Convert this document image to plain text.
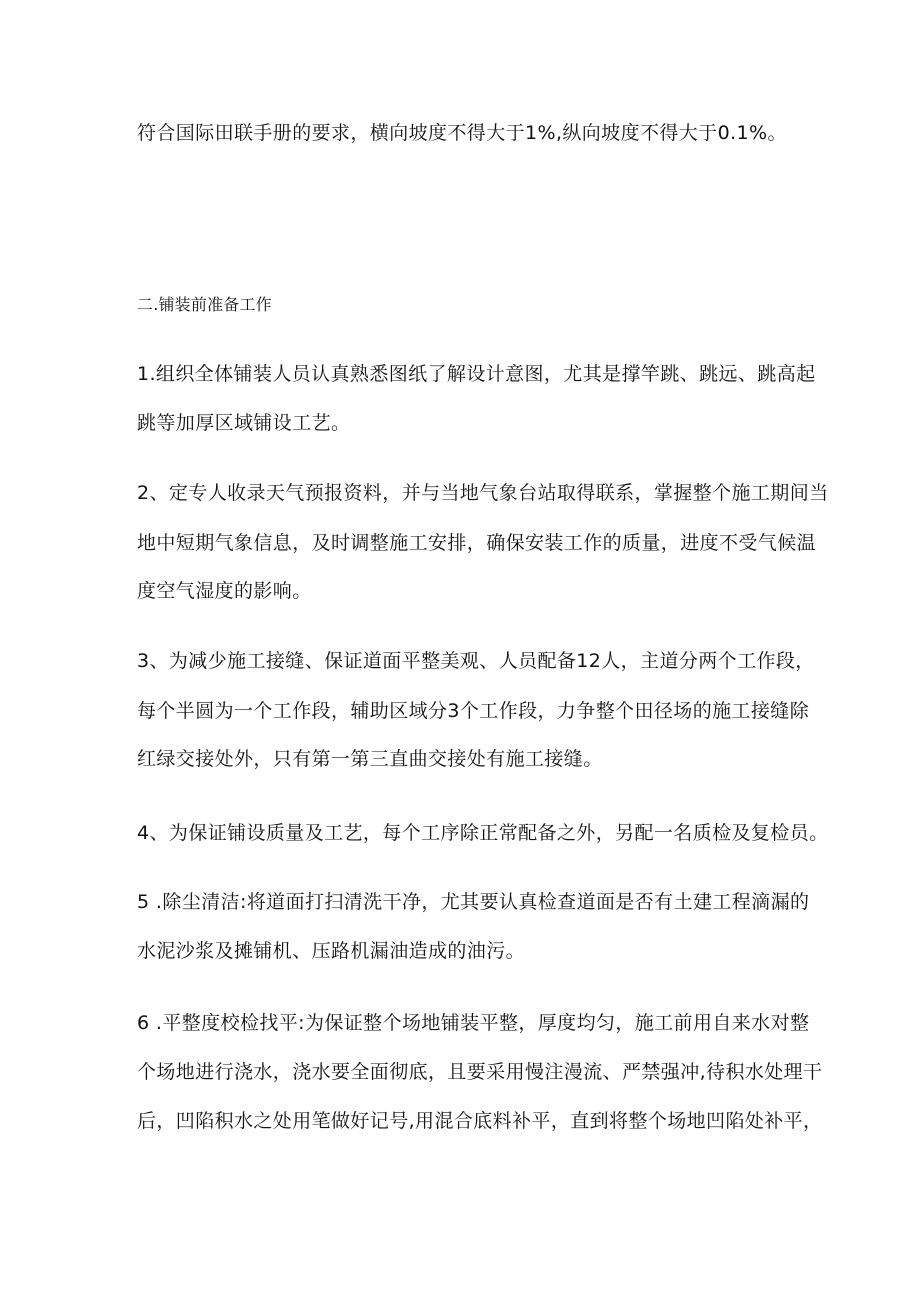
符合国际田联手册的要求，横向坡度不得大于1%,纵向坡度不得大于0.1%。
二.铺装前准备工作
1.组织全体铺装人员认真熟悉图纸了解设计意图，尤其是撑竿跳、跳远、跳高起
跳等加厚区域铺设工艺。
2、定专人收录天气预报资料，并与当地气象台站取得联系，掌握整个施工期间当
地中短期气象信息，及时调整施工安排，确保安装工作的质量，进度不受气候温
度空气湿度的影响。
3、为减少施工接缝、保证道面平整美观、人员配备12人，主道分两个工作段，
每个半圆为一个工作段，辅助区域分3个工作段，力争整个田径场的施工接缝除
红绿交接处外，只有第一第三直曲交接处有施工接缝。
4、为保证铺设质量及工艺，每个工序除正常配备之外，另配一名质检及复检员。
5 .除尘清洁:将道面打扫清洗干净，尤其要认真检查道面是否有土建工程滴漏的
水泥沙浆及摊铺机、压路机漏油造成的油污。
6 .平整度校检找平:为保证整个场地铺装平整，厚度均匀，施工前用自来水对整
个场地进行浇水，浇水要全面彻底，且要采用慢注漫流、严禁强冲,待积水处理干
后，凹陷积水之处用笔做好记号,用混合底料补平，直到将整个场地凹陷处补平，
